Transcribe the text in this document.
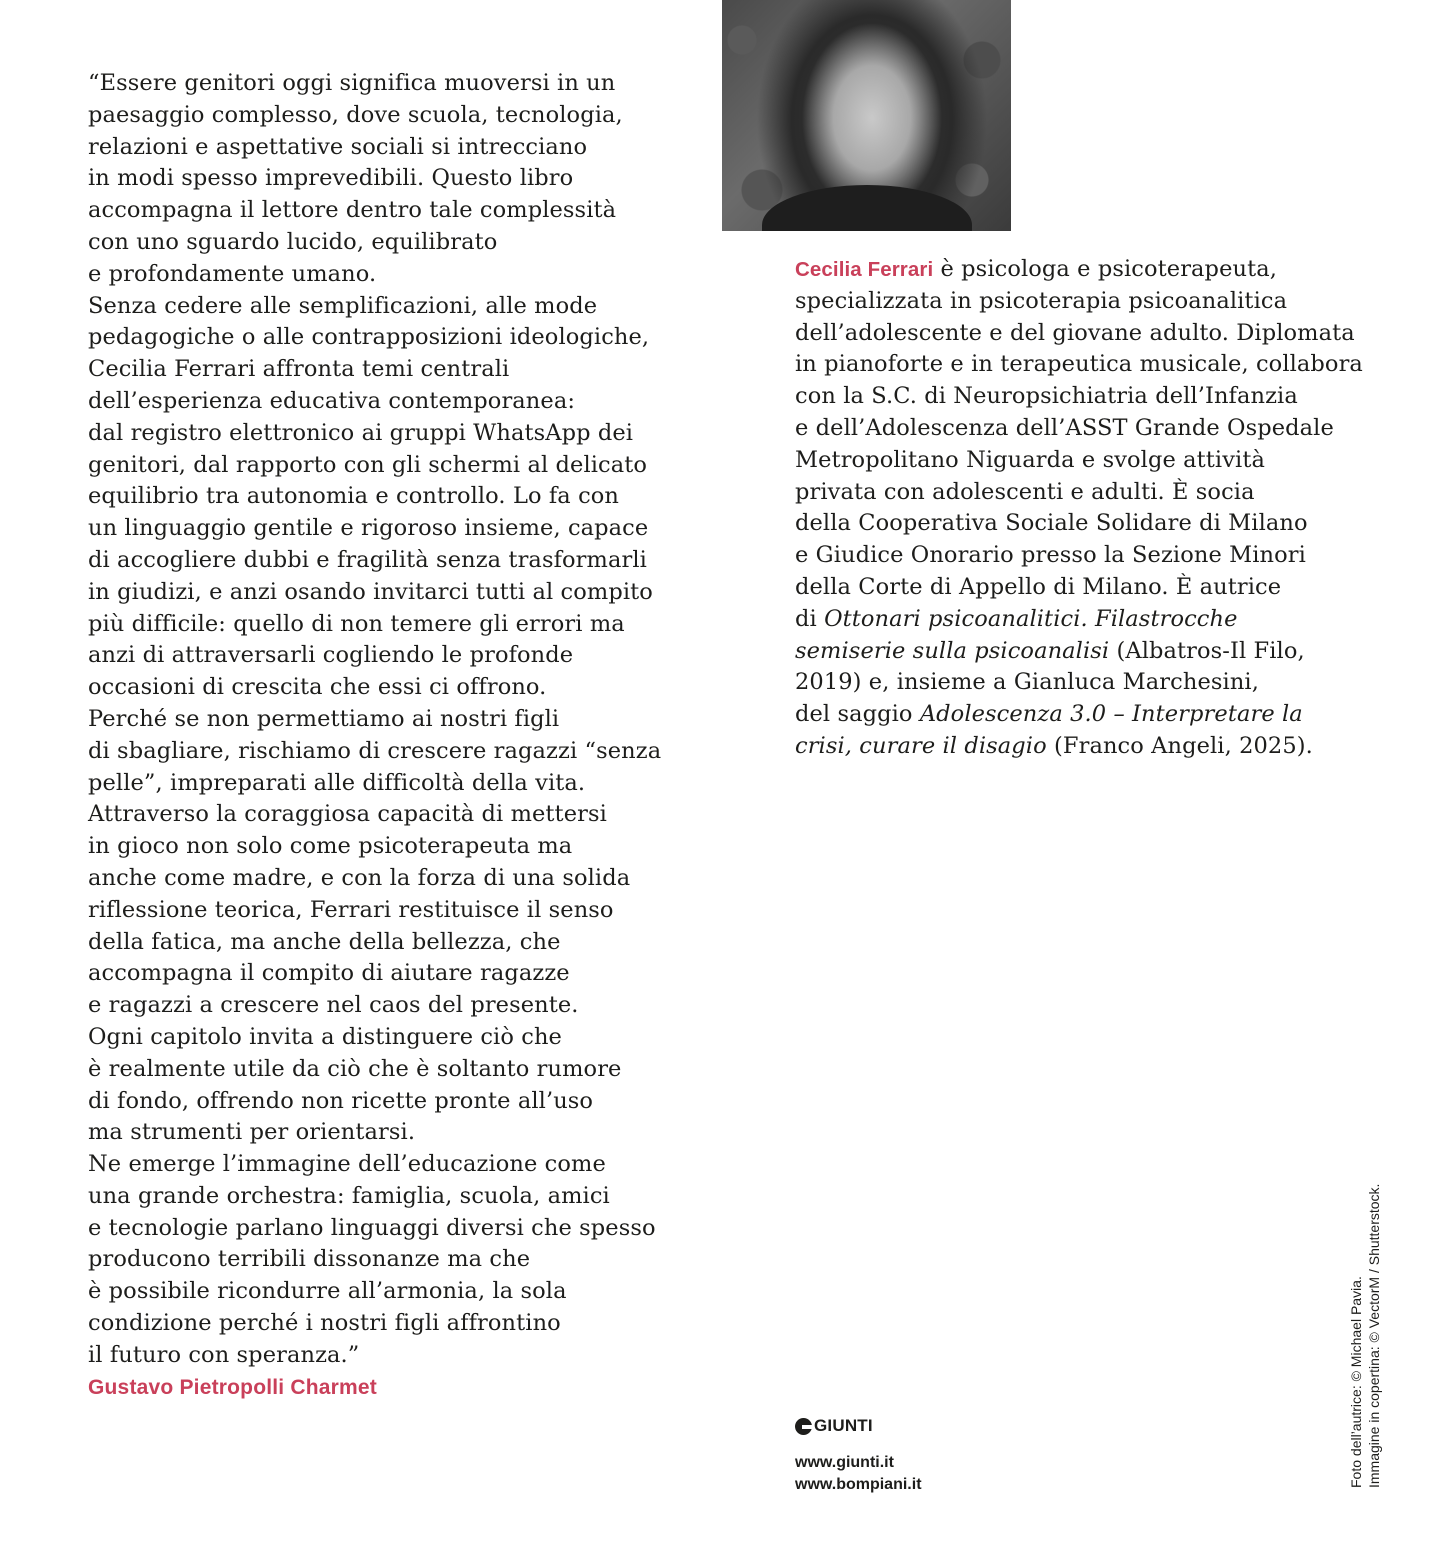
“Essere genitori oggi significa muoversi in un
paesaggio complesso, dove scuola, tecnologia,
relazioni e aspettative sociali si intrecciano
in modi spesso imprevedibili. Questo libro
accompagna il lettore dentro tale complessità
con uno sguardo lucido, equilibrato
e profondamente umano.
Senza cedere alle semplificazioni, alle mode
pedagogiche o alle contrapposizioni ideologiche,
Cecilia Ferrari affronta temi centrali
dell’esperienza educativa contemporanea:
dal registro elettronico ai gruppi WhatsApp dei
genitori, dal rapporto con gli schermi al delicato
equilibrio tra autonomia e controllo. Lo fa con
un linguaggio gentile e rigoroso insieme, capace
di accogliere dubbi e fragilità senza trasformarli
in giudizi, e anzi osando invitarci tutti al compito
più difficile: quello di non temere gli errori ma
anzi di attraversarli cogliendo le profonde
occasioni di crescita che essi ci offrono.
Perché se non permettiamo ai nostri figli
di sbagliare, rischiamo di crescere ragazzi “senza
pelle”, impreparati alle difficoltà della vita.
Attraverso la coraggiosa capacità di mettersi
in gioco non solo come psicoterapeuta ma
anche come madre, e con la forza di una solida
riflessione teorica, Ferrari restituisce il senso
della fatica, ma anche della bellezza, che
accompagna il compito di aiutare ragazze
e ragazzi a crescere nel caos del presente.
Ogni capitolo invita a distinguere ciò che
è realmente utile da ciò che è soltanto rumore
di fondo, offrendo non ricette pronte all’uso
ma strumenti per orientarsi.
Ne emerge l’immagine dell’educazione come
una grande orchestra: famiglia, scuola, amici
e tecnologie parlano linguaggi diversi che spesso
producono terribili dissonanze ma che
è possibile ricondurre all’armonia, la sola
condizione perché i nostri figli affrontino
il futuro con speranza.”
Gustavo Pietropolli Charmet
Cecilia Ferrari è psicologa e psicoterapeuta,
specializzata in psicoterapia psicoanalitica
dell’adolescente e del giovane adulto. Diplomata
in pianoforte e in terapeutica musicale, collabora
con la S.C. di Neuropsichiatria dell’Infanzia
e dell’Adolescenza dell’ASST Grande Ospedale
Metropolitano Niguarda e svolge attività
privata con adolescenti e adulti. È socia
della Cooperativa Sociale Solidare di Milano
e Giudice Onorario presso la Sezione Minori
della Corte di Appello di Milano. È autrice
di Ottonari psicoanalitici. Filastrocche
semiserie sulla psicoanalisi (Albatros-Il Filo,
2019) e, insieme a Gianluca Marchesini,
del saggio Adolescenza 3.0 – Interpretare la
crisi, curare il disagio (Franco Angeli, 2025).
GIUNTI
www.giunti.it
www.bompiani.it	Foto dell’autrice: © Michael Pavia. Immagine in copertina: © VectorM / Shutterstock.
